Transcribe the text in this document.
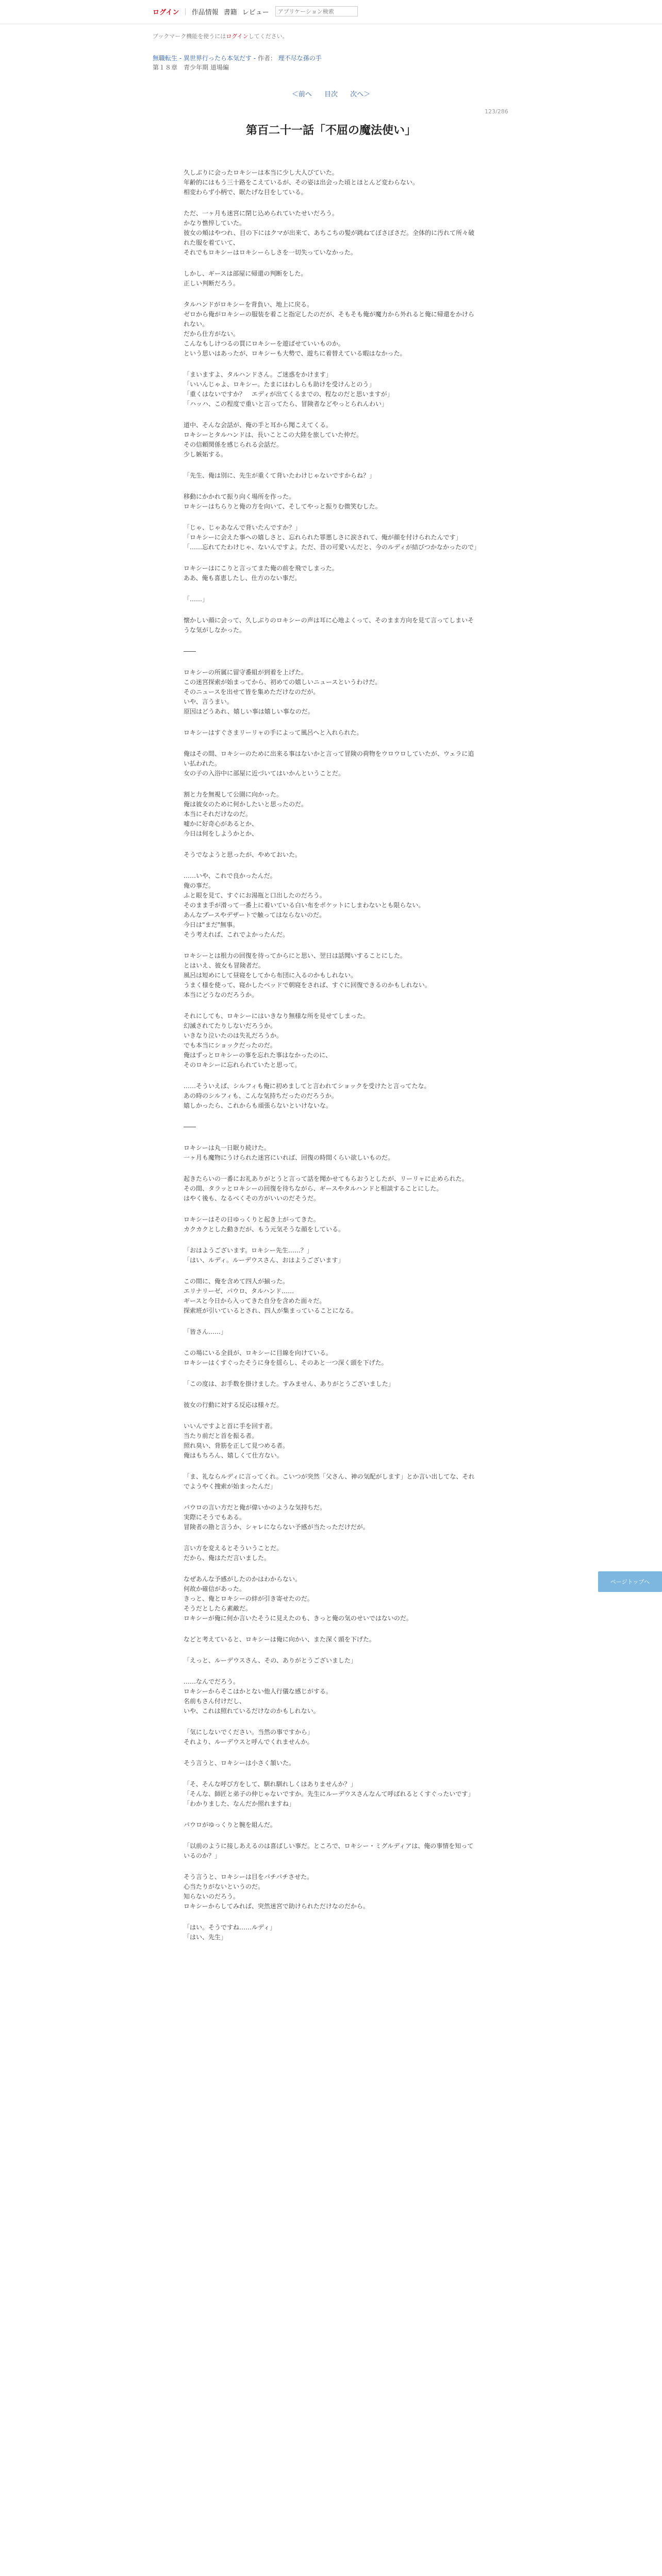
ログイン | 作品情報 書籍 レビュー
アプリケーション検索
ブックマーク機能を使うにはログインしてください。
無職転生 - 異世界行ったら本気だす - 作者： 理不尽な孫の手
第１８章　青少年期 道場編
＜前へ 目次 次へ＞
123/286
第百二十一話「不屈の魔法使い」

久しぶりに会ったロキシーは本当に少し大人びていた。
年齢的にはもう三十路をこえているが、その姿は出会った頃とほとんど変わらない。
相変わらず小柄で、眠たげな目をしている。

ただ、一ヶ月も迷宮に閉じ込められていたせいだろう。
かなり憔悴していた。
彼女の頬はやつれ、目の下にはクマが出来て、あちこちの髪が跳ねてぼさぼさだ。全体的に汚れて所々破れた服を着ていて、
それでもロキシーはロキシーらしさを一切失っていなかった。

しかし、ギースは部屋に帰還の判断をした。
正しい判断だろう。

タルハンドがロキシーを背負い、地上に戻る。
ゼロから俺がロキシーの服装を着こと指定したのだが、そもそも俺が魔力から外れると俺に帰還をかけられない。
だから仕方がない。
こんなもしけつるの買にロキシーを遊ばせていいものか。
という思いはあったが、ロキシーも大勢で、遊ちに着替えている暇はなかった。

「まいますよ、タルハンドさん。ご迷惑をかけます」
「いいんじゃよ、ロキシー。たまにはわしらも助けを受けんとのう」
「重くはないですか？　エディが出てくるまでの、程なのだと思いますが」
「ハッハ、この程度で重いと言ってたら、冒険者などやっとられんわい」

道中、そんな会話が、俺の手と耳から聞こえてくる。
ロキシーとタルハンドは、長いことこの大陸を旅していた仲だ。
その信頼関係を感じられる会話だ。
少し嫉妬する。

「先生、俺は別に、先生が重くて背いたわけじゃないですからね？」

移動にかかれて振り向く場所を作った。
ロキシーはちらりと俺の方を向いて、そしてやっと振りむ微笑むした。

「じゃ、じゃあなんで背いたんですか？」
「ロキシーに会えた事への嬉しさと、忘れられた罪悪しさに涙されて、俺が顔を付けられたんです」
「……忘れてたわけじゃ、ないんですよ。ただ、昔の可愛いんだと、今のルディが結びつかなかったので」

ロキシーはにこりと言ってまた俺の前を飛でしまった。
ああ、俺も喜恵したし、仕方のない事だ。

「……」

懐かしい顔に会って、久しぶりのロキシーの声は耳に心地よくって、そのまま方向を見て言ってしまいそうな気がしなかった。

――

ロキシーの所属に留守番組が到着を上げた。
この迷宮探索が始まってから、初めての嬉しいニュースというわけだ。
そのニュースを出せて皆を集めただけなのだが。
いや、言うまい。
原因はどうあれ、嬉しい事は嬉しい事なのだ。

ロキシーはすぐさまリーリャの手によって風呂へと入れられた。

俺はその間、ロキシーのために出来る事はないかと言って冒険の荷物をウロウロしていたが、ウェラに追い払われた。
女の子の入浴中に部屋に近づいてはいかんということだ。

割と力を無視して公園に向かった。
俺は彼女のために何かしたいと思ったのだ。
本当にそれだけなのだ。
嘘かに好奇心があるとか、
今日は何をしようかとか、

そうでなようと思ったが、やめておいた。

……いや、これで良かったんだ。
俺の事だ。
ふと眼を見て、すぐにお湯瓶と口出したのだろう。
そのまま手が滑って一番上に着いている白い布をポケットにしまわないとも限らない。
あんなプースやデザートで触ってはならないのだ。
今日は"まだ"無事。
そう考えれば、これでよかったんだ。

ロキシーとは根力の回復を待ってからにと思い、翌日は話聞いすることにした。
とはいえ、彼女も冒険者だ。
風呂は短めにして昼寝をしてから布団に入るのかもしれない。
うまく様を使って、寝かしたベッドで朝寝をされば、すぐに回復できるのかもしれない。
本当にどうなのだろうか。

それにしても、ロキシーにはいきなり無様な所を見せてしまった。
幻滅されてたりしないだろうか。
いきなり泣いたのは失礼だろうか。
でも本当にショックだったのだ。
俺はずっとロキシーの事を忘れた事はなかったのに、
そのロキシーに忘れられていたと思って。

……そういえば、シルフィも俺に初めましてと言われてショックを受けたと言ってたな。
あの時のシルフィも、こんな気持ちだったのだろうか。
嬉しかったら、これからも頑張らないといけないな。

――

ロキシーは丸一日眠り続けた。
一ヶ月も魔物にうけられた迷宮にいれば、回復の時間くらい欲しいものだ。

起きたらいの一番にお礼ありがとうと言って話を聞かせてもらおうとしたが、リーリャに止められた。
その間、タラッとロキシーの回復を待ちながら、ギースやタルハンドと相談することにした。
はやく後も、なるべくその方がいいのだそうだ。

ロキシーはその日ゆっくりと起き上がってきた。
カクカクとした動きだが、もう元気そうな顔をしている。

「おはようございます。ロキシー先生……？」
「はい、ルディ。ルーデウスさん、おはようございます」

この間に、俺を含めて四人が揃った。
エリナリーゼ、パウロ、タルハンド……
ギースと今日から入ってきた自分を含めた面々だ。
探索班が引いているとされ、四人が集まっていることになる。

「皆さん……」

この場にいる全員が、ロキシーに目線を向けている。
ロキシーはくすぐったそうに身を揺らし、そのあと一つ深く頭を下げた。

「この度は、お手数を掛けました。すみません、ありがとうございました」

彼女の行動に対する反応は様々だ。

いいんですよと首に手を回す者。
当たり前だと首を振る者。
照れ臭い、背筋を正して見つめる者。
俺はもちろん、嬉しくて仕方ない。

「ま、礼ならルディに言ってくれ。こいつが突然「父さん、神の気配がします」とか言い出してな、それでようやく捜索が始まったんだ」

パウロの言い方だと俺が偉いかのような気持ちだ。
実際にそうでもある。
冒険者の勘と言うか、シャレにならない予感が当たっただけだが。

言い方を変えるとそういうことだ。
だから、俺はただ言いました。

なぜあんな予感がしたのかはわからない。
何故か確信があった。
きっと、俺とロキシーの絆が引き寄せたのだ。
そうだとしたら素敵だ。
ロキシーが俺に何か言いたそうに見えたのも、きっと俺の気のせいではないのだ。

などと考えていると、ロキシーは俺に向かい、また深く頭を下げた。

「えっと、ルーデウスさん、その、ありがとうございました」

……なんでだろう。
ロキシーからそこはかとない他人行儀な感じがする。
名前もさん付けだし、
いや、これは照れているだけなのかもしれない。

「気にしないでください。当然の事ですから」
それより、ルーデウスと呼んでくれませんか。

そう言うと、ロキシーは小さく頷いた。

「そ、そんな呼び方をして、馴れ馴れしくはありませんか？」
「そんな、師匠と弟子の仲じゃないですか。先生にルーデウスさんなんて呼ばれるとくすぐったいです」
「わかりました、なんだか照れますね」

パウロがゆっくりと腕を組んだ。

「以前のように接しあえるのは喜ばしい事だ。ところで、ロキシー・ミグルディアは、俺の事情を知っているのか？」

そう言うと、ロキシーは目をパチパチさせた。
心当たりがないというのだ。
知らないのだろう。
ロキシーからしてみれば、突然迷宮で助けられただけなのだから。

「はい。そうですね……ルディ」
「はい、先生」

ページトップへ
